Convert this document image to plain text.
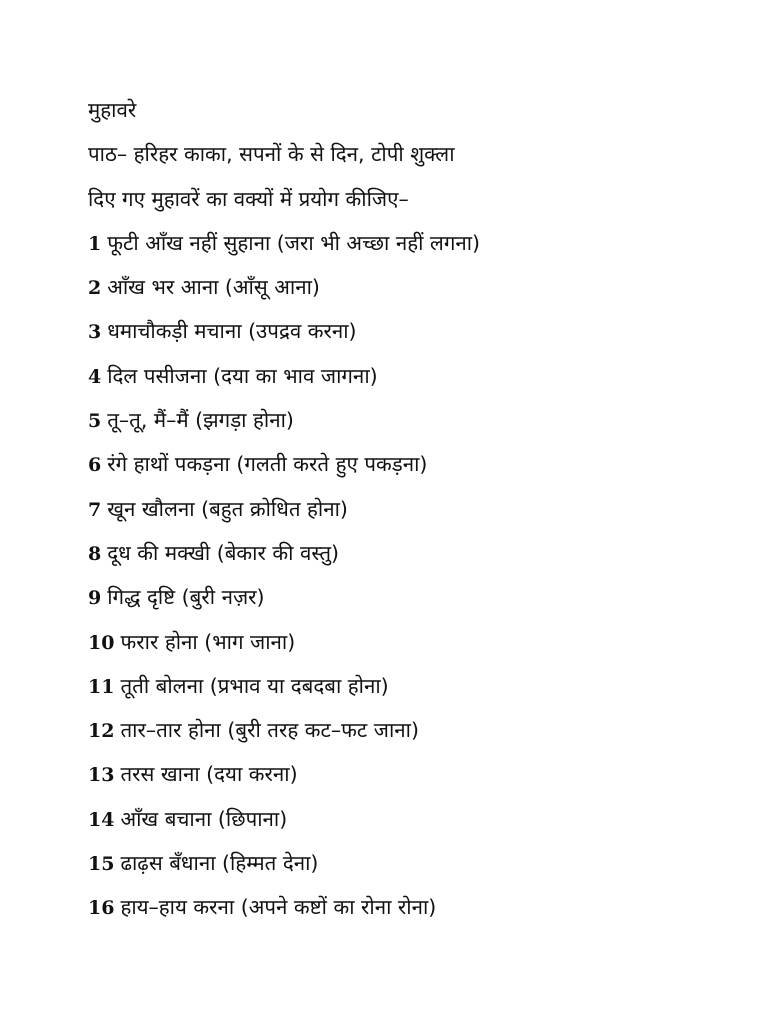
मुहावरे
पाठ– हरिहर काका, सपनों के से दिन, टोपी शुक्ला
दिए गए मुहावरें का वक्यों में प्रयोग कीजिए–
1 फूटी आँख नहीं सुहाना (जरा भी अच्छा नहीं लगना)
2 आँख भर आना (आँसू आना)
3 धमाचौकड़ी मचाना (उपद्रव करना)
4 दिल पसीजना (दया का भाव जागना)
5 तू–तू, मैं–मैं (झगड़ा होना)
6 रंगे हाथों पकड़ना (गलती करते हुए पकड़ना)
7 खून खौलना (बहुत क्रोधित होना)
8 दूध की मक्खी (बेकार की वस्तु)
9 गिद्ध दृष्टि (बुरी नज़र)
10 फरार होना (भाग जाना)
11 तूती बोलना (प्रभाव या दबदबा होना)
12 तार–तार होना (बुरी तरह कट–फट जाना)
13 तरस खाना (दया करना)
14 आँख बचाना (छिपाना)
15 ढाढ़स बँधाना (हिम्मत देना)
16 हाय–हाय करना (अपने कष्टों का रोना रोना)
